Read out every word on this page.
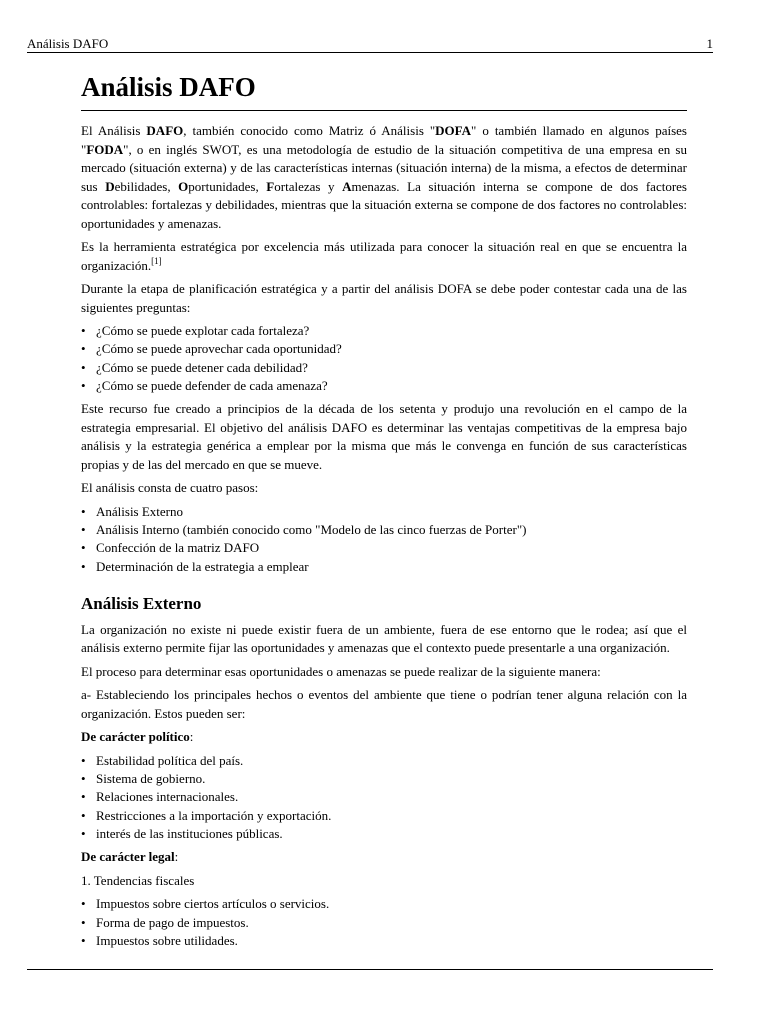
Análisis DAFO	1
Análisis DAFO

El Análisis DAFO, también conocido como Matriz ó Análisis "DOFA" o también llamado en algunos países "FODA", o en inglés SWOT, es una metodología de estudio de la situación competitiva de una empresa en su mercado (situación externa) y de las características internas (situación interna) de la misma, a efectos de determinar sus Debilidades, Oportunidades, Fortalezas y Amenazas. La situación interna se compone de dos factores controlables: fortalezas y debilidades, mientras que la situación externa se compone de dos factores no controlables: oportunidades y amenazas.

Es la herramienta estratégica por excelencia más utilizada para conocer la situación real en que se encuentra la organización.[1]

Durante la etapa de planificación estratégica y a partir del análisis DOFA se debe poder contestar cada una de las siguientes preguntas:

• ¿Cómo se puede explotar cada fortaleza?
• ¿Cómo se puede aprovechar cada oportunidad?
• ¿Cómo se puede detener cada debilidad?
• ¿Cómo se puede defender de cada amenaza?

Este recurso fue creado a principios de la década de los setenta y produjo una revolución en el campo de la estrategia empresarial. El objetivo del análisis DAFO es determinar las ventajas competitivas de la empresa bajo análisis y la estrategia genérica a emplear por la misma que más le convenga en función de sus características propias y de las del mercado en que se mueve.

El análisis consta de cuatro pasos:

• Análisis Externo
• Análisis Interno (también conocido como "Modelo de las cinco fuerzas de Porter")
• Confección de la matriz DAFO
• Determinación de la estrategia a emplear
Análisis Externo

La organización no existe ni puede existir fuera de un ambiente, fuera de ese entorno que le rodea; así que el análisis externo permite fijar las oportunidades y amenazas que el contexto puede presentarle a una organización.

El proceso para determinar esas oportunidades o amenazas se puede realizar de la siguiente manera:

a- Estableciendo los principales hechos o eventos del ambiente que tiene o podrían tener alguna relación con la organización. Estos pueden ser:

De carácter político:

• Estabilidad política del país.
• Sistema de gobierno.
• Relaciones internacionales.
• Restricciones a la importación y exportación.
• interés de las instituciones públicas.

De carácter legal:

1. Tendencias fiscales

• Impuestos sobre ciertos artículos o servicios.
• Forma de pago de impuestos.
• Impuestos sobre utilidades.
